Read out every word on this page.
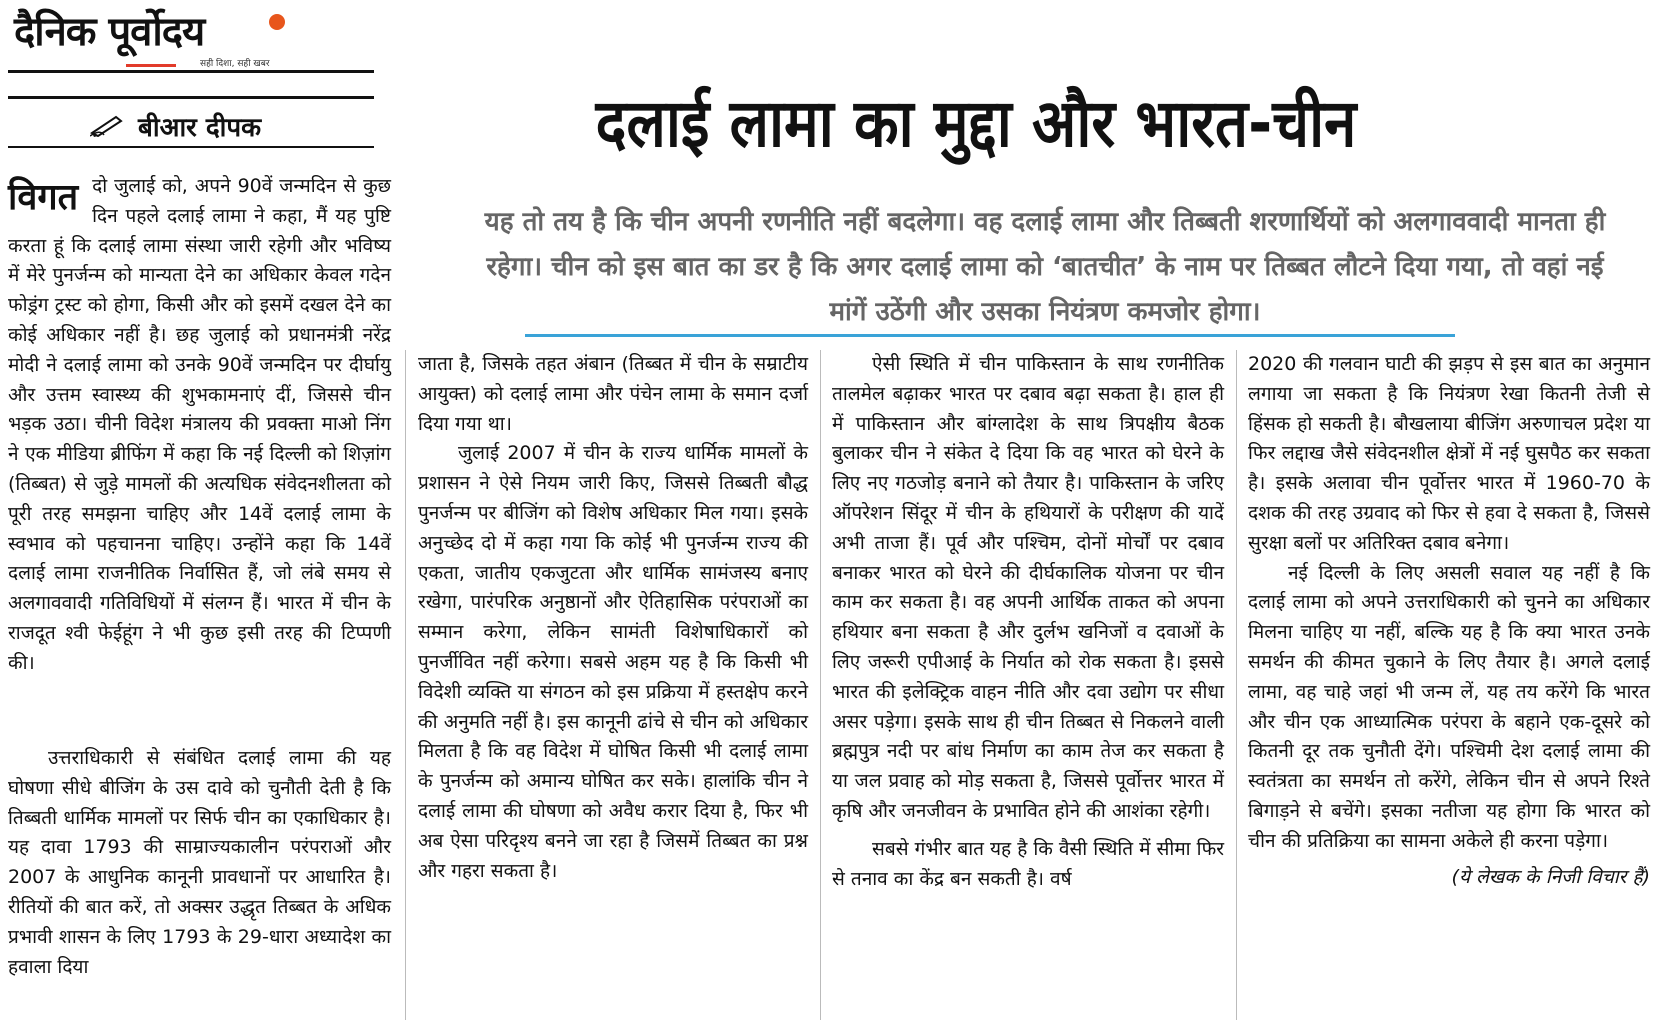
दैनिक पूर्वोदय
सही दिशा, सही खबर
बीआर दीपक	दलाई लामा का मुद्दा और भारत-चीन
यह तो तय है कि चीन अपनी रणनीति नहीं बदलेगा। वह दलाई लामा और तिब्बती शरणार्थियों को अलगाववादी मानता ही रहेगा। चीन को इस बात का डर है कि अगर दलाई लामा को ‘बातचीत’ के नाम पर तिब्बत लौटने दिया गया, तो वहां नई मांगें उठेंगी और उसका नियंत्रण कमजोर होगा।
विगत दो जुलाई को, अपने 90वें जन्मदिन से कुछ दिन पहले दलाई लामा ने कहा, मैं यह पुष्टि करता हूं कि दलाई लामा संस्था जारी रहेगी और भविष्य में मेरे पुनर्जन्म को मान्यता देने का अधिकार केवल गदेन फोड्रंग ट्रस्ट को होगा, किसी और को इसमें दखल देने का कोई अधिकार नहीं है। छह जुलाई को प्रधानमंत्री नरेंद्र मोदी ने दलाई लामा को उनके 90वें जन्मदिन पर दीर्घायु और उत्तम स्वास्थ्य की शुभकामनाएं दीं, जिससे चीन भड़क उठा। चीनी विदेश मंत्रालय की प्रवक्ता माओ निंग ने एक मीडिया ब्रीफिंग में कहा कि नई दिल्ली को शिज़ांग (तिब्बत) से जुड़े मामलों की अत्यधिक संवेदनशीलता को पूरी तरह समझना चाहिए और 14वें दलाई लामा के स्वभाव को पहचानना चाहिए। उन्होंने कहा कि 14वें दलाई लामा राजनीतिक निर्वासित हैं, जो लंबे समय से अलगाववादी गतिविधियों में संलग्न हैं। भारत में चीन के राजदूत श्वी फेईहूंग ने भी कुछ इसी तरह की टिप्पणी की।

उत्तराधिकारी से संबंधित दलाई लामा की यह घोषणा सीधे बीजिंग के उस दावे को चुनौती देती है कि तिब्बती धार्मिक मामलों पर सिर्फ चीन का एकाधिकार है। यह दावा 1793 की साम्राज्यकालीन परंपराओं और 2007 के आधुनिक कानूनी प्रावधानों पर आधारित है। रीतियों की बात करें, तो अक्सर उद्धृत तिब्बत के अधिक प्रभावी शासन के लिए 1793 के 29-धारा अध्यादेश का हवाला दिया

जाता है, जिसके तहत अंबान (तिब्बत में चीन के सम्राटीय आयुक्त) को दलाई लामा और पंचेन लामा के समान दर्जा दिया गया था।

जुलाई 2007 में चीन के राज्य धार्मिक मामलों के प्रशासन ने ऐसे नियम जारी किए, जिससे तिब्बती बौद्ध पुनर्जन्म पर बीजिंग को विशेष अधिकार मिल गया। इसके अनुच्छेद दो में कहा गया कि कोई भी पुनर्जन्म राज्य की एकता, जातीय एकजुटता और धार्मिक सामंजस्य बनाए रखेगा, पारंपरिक अनुष्ठानों और ऐतिहासिक परंपराओं का सम्मान करेगा, लेकिन सामंती विशेषाधिकारों को पुनर्जीवित नहीं करेगा। सबसे अहम यह है कि किसी भी विदेशी व्यक्ति या संगठन को इस प्रक्रिया में हस्तक्षेप करने की अनुमति नहीं है। इस कानूनी ढांचे से चीन को अधिकार मिलता है कि वह विदेश में घोषित किसी भी दलाई लामा के पुनर्जन्म को अमान्य घोषित कर सके। हालांकि चीन ने दलाई लामा की घोषणा को अवैध करार दिया है, फिर भी अब ऐसा परिदृश्य बनने जा रहा है जिसमें तिब्बत का प्रश्न और गहरा सकता है।

ऐसी स्थिति में चीन पाकिस्तान के साथ रणनीतिक तालमेल बढ़ाकर भारत पर दबाव बढ़ा सकता है। हाल ही में पाकिस्तान और बांग्लादेश के साथ त्रिपक्षीय बैठक बुलाकर चीन ने संकेत दे दिया कि वह भारत को घेरने के लिए नए गठजोड़ बनाने को तैयार है। पाकिस्तान के जरिए ऑपरेशन सिंदूर में चीन के हथियारों के परीक्षण की यादें अभी ताजा हैं। पूर्व और पश्चिम, दोनों मोर्चों पर दबाव बनाकर भारत को घेरने की दीर्घकालिक योजना पर चीन काम कर सकता है। वह अपनी आर्थिक ताकत को अपना हथियार बना सकता है और दुर्लभ खनिजों व दवाओं के लिए जरूरी एपीआई के निर्यात को रोक सकता है। इससे भारत की इलेक्ट्रिक वाहन नीति और दवा उद्योग पर सीधा असर पड़ेगा। इसके साथ ही चीन तिब्बत से निकलने वाली ब्रह्मपुत्र नदी पर बांध निर्माण का काम तेज कर सकता है या जल प्रवाह को मोड़ सकता है, जिससे पूर्वोत्तर भारत में कृषि और जनजीवन के प्रभावित होने की आशंका रहेगी।

सबसे गंभीर बात यह है कि वैसी स्थिति में सीमा फिर से तनाव का केंद्र बन सकती है। वर्ष

2020 की गलवान घाटी की झड़प से इस बात का अनुमान लगाया जा सकता है कि नियंत्रण रेखा कितनी तेजी से हिंसक हो सकती है। बौखलाया बीजिंग अरुणाचल प्रदेश या फिर लद्दाख जैसे संवेदनशील क्षेत्रों में नई घुसपैठ कर सकता है। इसके अलावा चीन पूर्वोत्तर भारत में 1960-70 के दशक की तरह उग्रवाद को फिर से हवा दे सकता है, जिससे सुरक्षा बलों पर अतिरिक्त दबाव बनेगा।

नई दिल्ली के लिए असली सवाल यह नहीं है कि दलाई लामा को अपने उत्तराधिकारी को चुनने का अधिकार मिलना चाहिए या नहीं, बल्कि यह है कि क्या भारत उनके समर्थन की कीमत चुकाने के लिए तैयार है। अगले दलाई लामा, वह चाहे जहां भी जन्म लें, यह तय करेंगे कि भारत और चीन एक आध्यात्मिक परंपरा के बहाने एक-दूसरे को कितनी दूर तक चुनौती देंगे। पश्चिमी देश दलाई लामा की स्वतंत्रता का समर्थन तो करेंगे, लेकिन चीन से अपने रिश्ते बिगाड़ने से बचेंगे। इसका नतीजा यह होगा कि भारत को चीन की प्रतिक्रिया का सामना अकेले ही करना पड़ेगा।

(ये लेखक के निजी विचार हैं)
